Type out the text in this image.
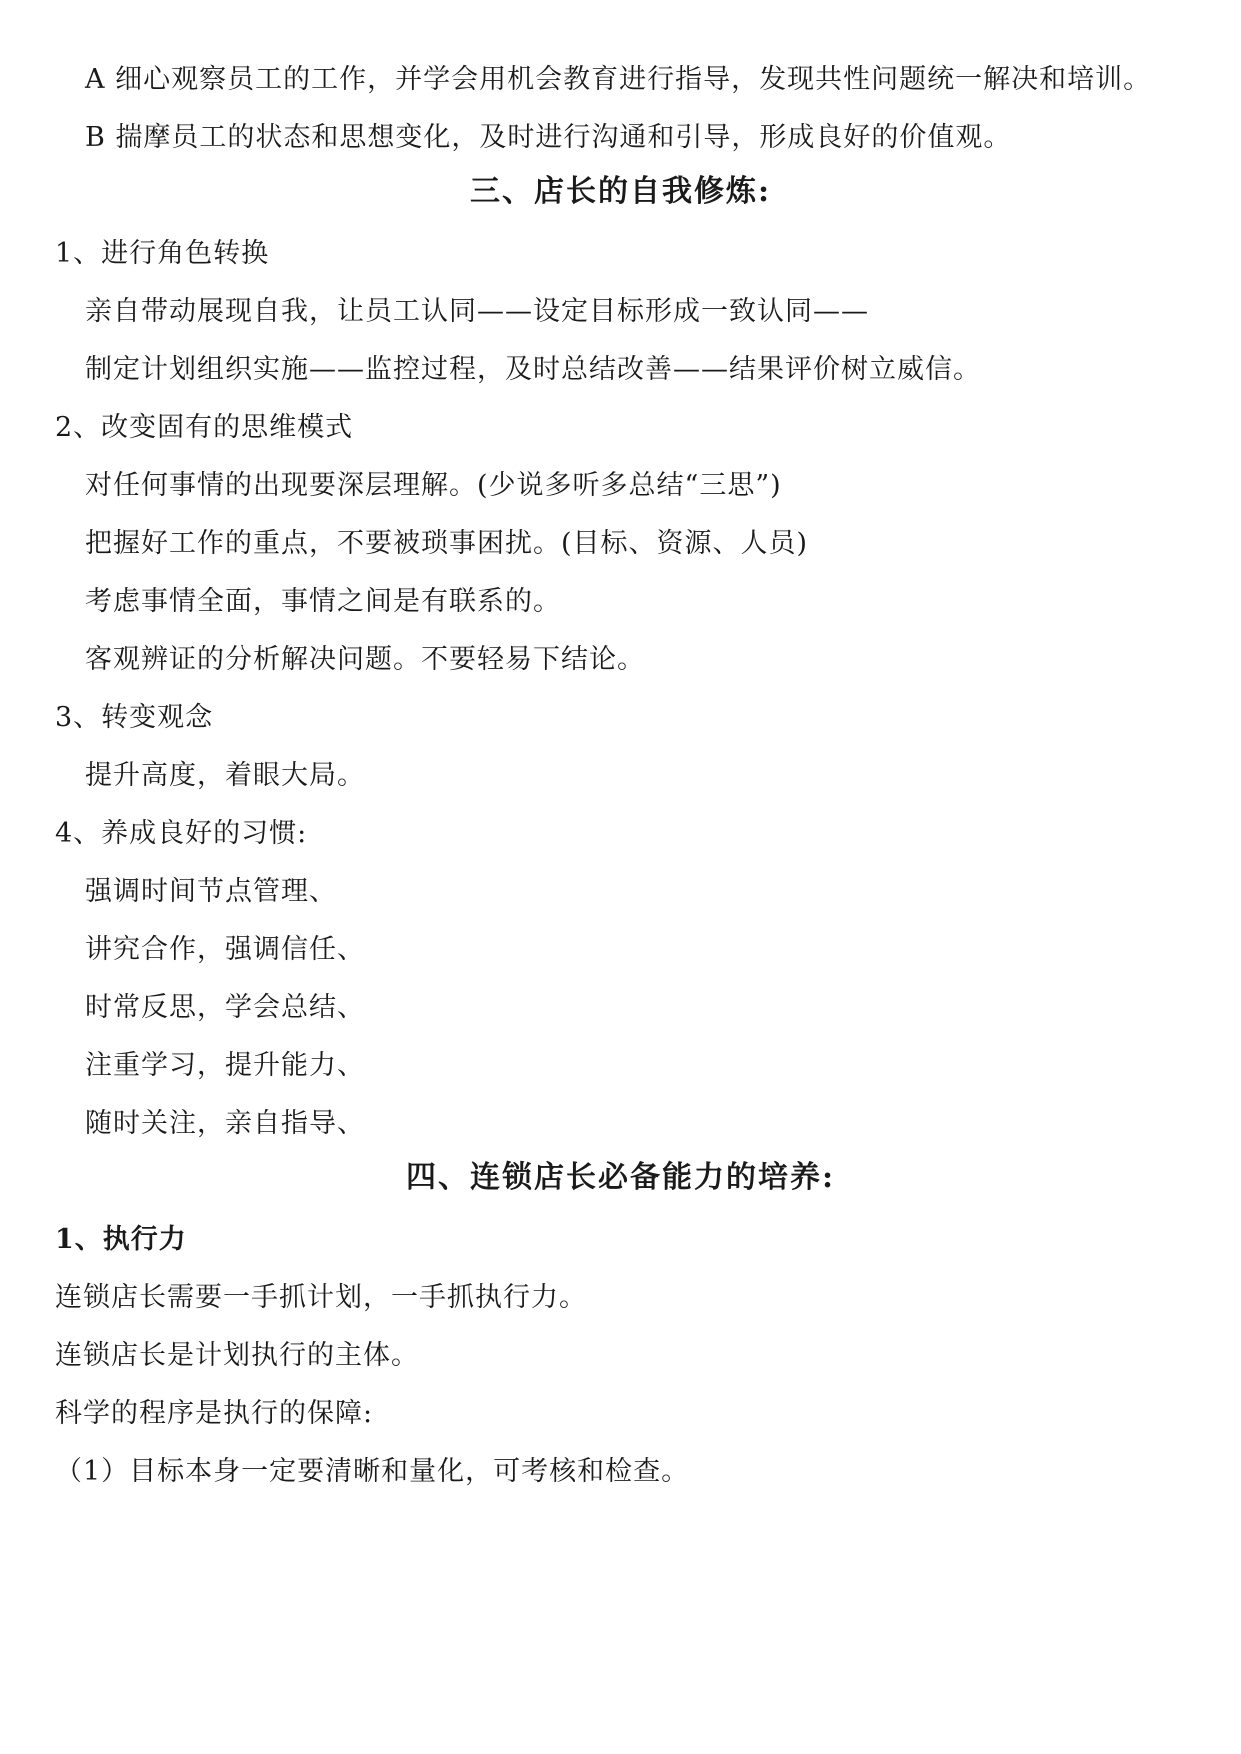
A 细心观察员工的工作，并学会用机会教育进行指导，发现共性问题统一解决和培训。
B 揣摩员工的状态和思想变化，及时进行沟通和引导，形成良好的价值观。
三、店长的自我修炼:
1、进行角色转换
亲自带动展现自我，让员工认同——设定目标形成一致认同——
制定计划组织实施——监控过程，及时总结改善——结果评价树立威信。
2、改变固有的思维模式
对任何事情的出现要深层理解。(少说多听多总结“三思”)
把握好工作的重点，不要被琐事困扰。(目标、资源、人员)
考虑事情全面，事情之间是有联系的。
客观辨证的分析解决问题。不要轻易下结论。
3、转变观念
提升高度，着眼大局。
4、养成良好的习惯:
强调时间节点管理、
讲究合作，强调信任、
时常反思，学会总结、
注重学习，提升能力、
随时关注，亲自指导、
四、连锁店长必备能力的培养:
1、执行力
连锁店长需要一手抓计划，一手抓执行力。
连锁店长是计划执行的主体。
科学的程序是执行的保障:
（1）目标本身一定要清晰和量化，可考核和检查。
